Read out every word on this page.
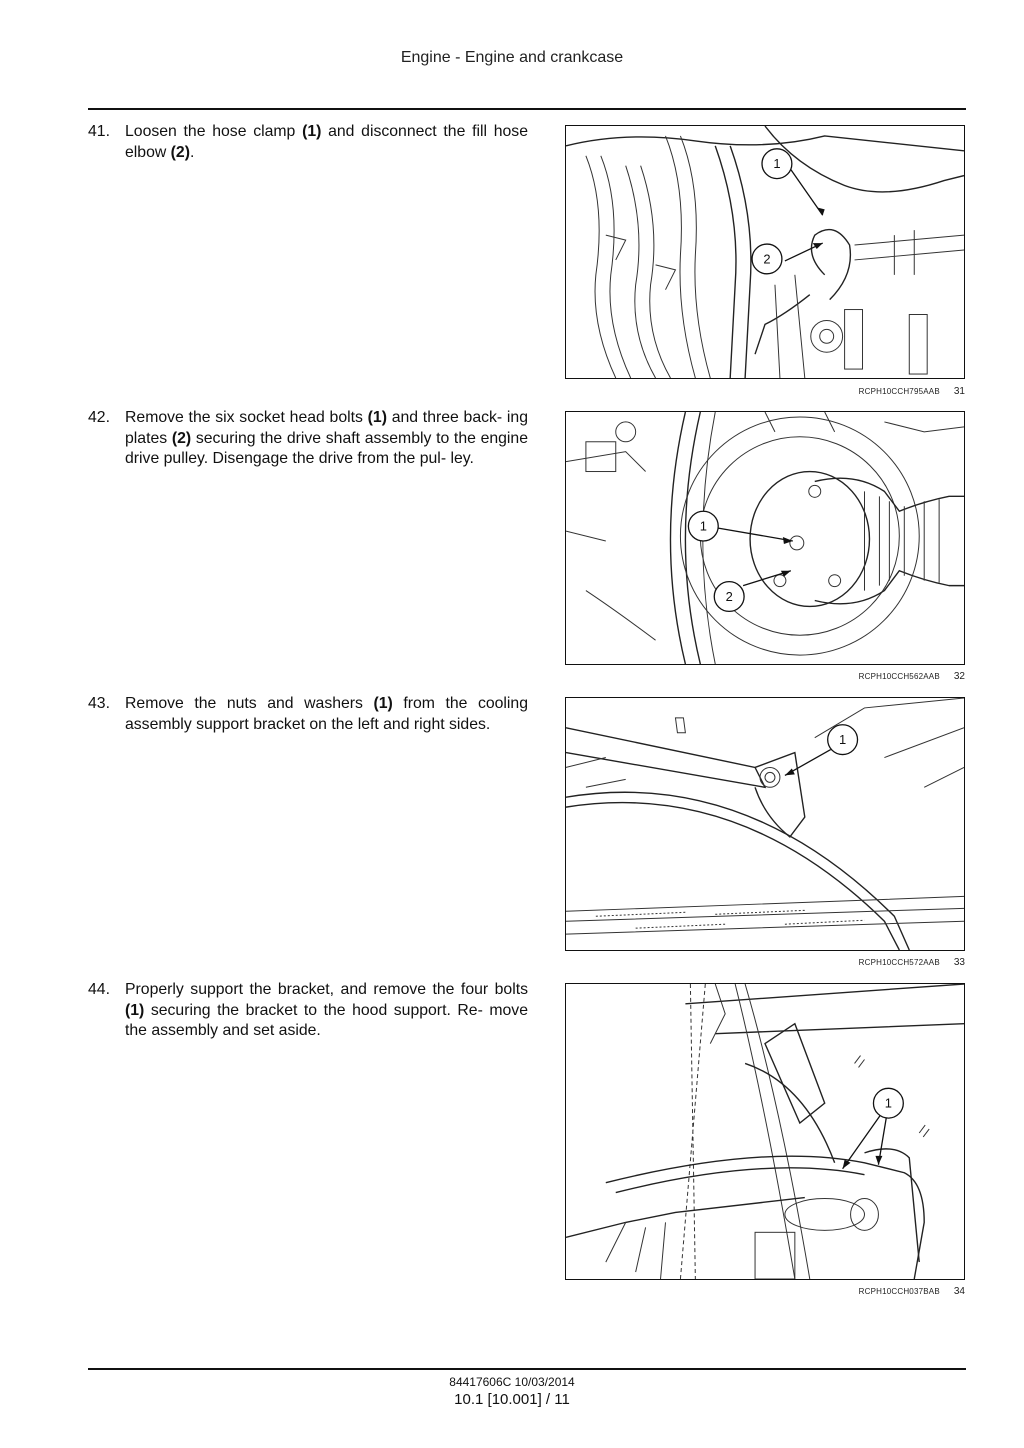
Engine - Engine and crankcase
41. Loosen the hose clamp (1) and disconnect the fill hose elbow (2).
1
2
RCPH10CCH795AAB 31
42. Remove the six socket head bolts (1) and three back- ing plates (2) securing the drive shaft assembly to the engine drive pulley. Disengage the drive from the pul- ley.
1
2
RCPH10CCH562AAB 32
43. Remove the nuts and washers (1) from the cooling assembly support bracket on the left and right sides.
1
RCPH10CCH572AAB 33
44. Properly support the bracket, and remove the four bolts (1) securing the bracket to the hood support. Re- move the assembly and set aside.
1
RCPH10CCH037BAB 34
84417606C 10/03/2014
10.1 [10.001] / 11
